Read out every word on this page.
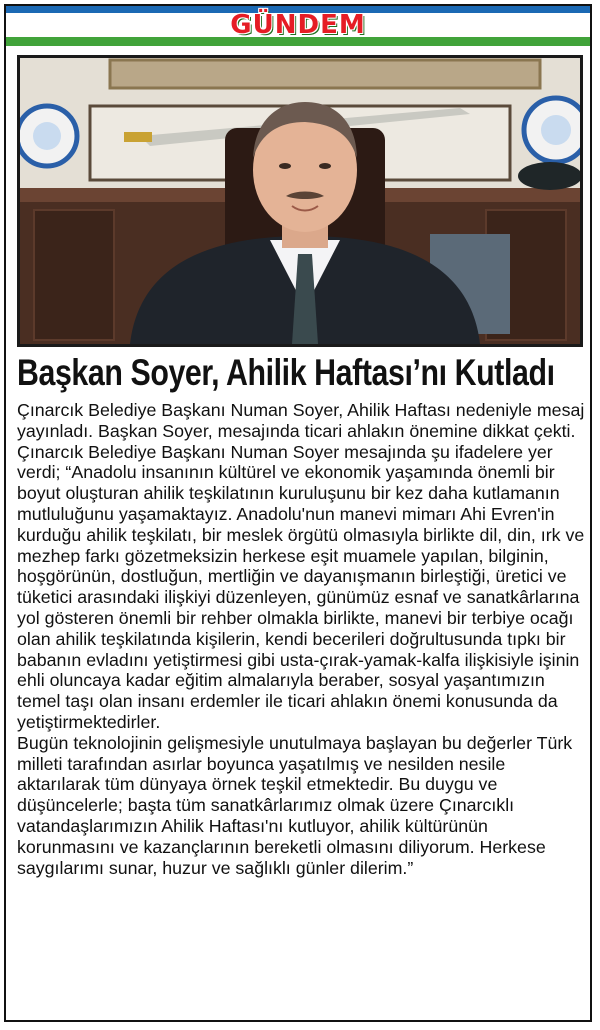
GÜNDEM
Başkan Soyer, Ahilik Haftası’nı Kutladı

Çınarcık Belediye Başkanı Numan Soyer, Ahilik Haftası nedeniyle mesaj yayınladı. Başkan Soyer, mesajında ticari ahlakın önemine dikkat çekti.

Çınarcık Belediye Başkanı Numan Soyer mesajında şu ifadelere yer verdi; “Anadolu insanının kültürel ve ekonomik yaşamında önemli bir boyut oluşturan ahilik teşkilatının kuruluşunu bir kez daha kutlamanın mutluluğunu yaşamaktayız. Anadolu'nun manevi mimarı Ahi Evren'in kurduğu ahilik teşkilatı, bir meslek örgütü olmasıyla birlikte dil, din, ırk ve mezhep farkı gözetmeksizin herkese eşit muamele yapılan, bilginin, hoşgörünün, dostluğun, mertliğin ve dayanışmanın birleştiği, üretici ve tüketici arasındaki ilişkiyi düzenleyen, günümüz esnaf ve sanatkârlarına yol gösteren önemli bir rehber olmakla birlikte, manevi bir terbiye ocağı olan ahilik teşkilatında kişilerin, kendi becerileri doğrultusunda tıpkı bir babanın evladını yetiştirmesi gibi usta-çırak-yamak-kalfa ilişkisiyle işinin ehli oluncaya kadar eğitim almalarıyla beraber, sosyal yaşantımızın temel taşı olan insanı erdemler ile ticari ahlakın önemi konusunda da yetiştirmektedirler.

Bugün teknolojinin gelişmesiyle unutulmaya başlayan bu değerler Türk milleti tarafından asırlar boyunca yaşatılmış ve nesilden nesile aktarılarak tüm dünyaya örnek teşkil etmektedir. Bu duygu ve düşüncelerle; başta tüm sanatkârlarımız olmak üzere Çınarcıklı vatandaşlarımızın Ahilik Haftası'nı kutluyor, ahilik kültürünün korunmasını ve kazançlarının bereketli olmasını diliyorum. Herkese saygılarımı sunar, huzur ve sağlıklı günler dilerim.”
